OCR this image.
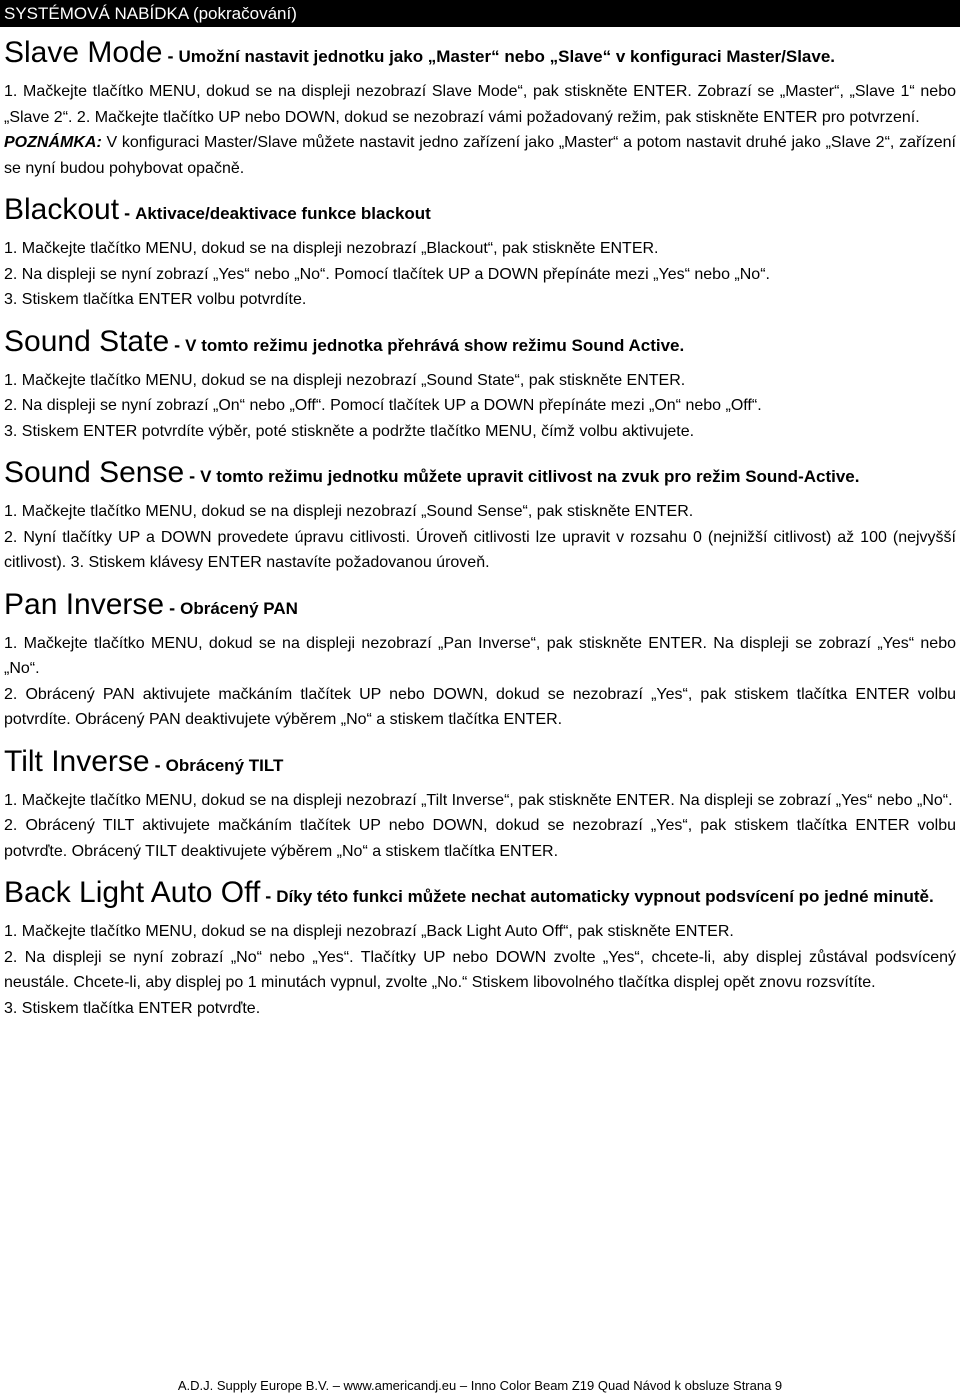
SYSTÉMOVÁ NABÍDKA (pokračování)
Slave Mode - Umožní nastavit jednotku jako „Master“ nebo „Slave“ v konfiguraci Master/Slave.

1. Mačkejte tlačítko MENU, dokud se na displeji nezobrazí Slave Mode“, pak stiskněte ENTER. Zobrazí se „Master“, „Slave 1“ nebo „Slave 2“. 2. Mačkejte tlačítko UP nebo DOWN, dokud se nezobrazí vámi požadovaný režim, pak stiskněte ENTER pro potvrzení.

POZNÁMKA: V konfiguraci Master/Slave můžete nastavit jedno zařízení jako „Master“ a potom nastavit druhé jako „Slave 2“, zařízení se nyní budou pohybovat opačně.

Blackout - Aktivace/deaktivace funkce blackout

1. Mačkejte tlačítko MENU, dokud se na displeji nezobrazí „Blackout“, pak stiskněte ENTER.

2. Na displeji se nyní zobrazí „Yes“ nebo „No“. Pomocí tlačítek UP a DOWN přepínáte mezi „Yes“ nebo „No“.

3. Stiskem tlačítka ENTER volbu potvrdíte.

Sound State - V tomto režimu jednotka přehrává show režimu Sound Active.

1. Mačkejte tlačítko MENU, dokud se na displeji nezobrazí „Sound State“, pak stiskněte ENTER.

2. Na displeji se nyní zobrazí „On“ nebo „Off“. Pomocí tlačítek UP a DOWN přepínáte mezi „On“ nebo „Off“.

3. Stiskem ENTER potvrdíte výběr, poté stiskněte a podržte tlačítko MENU, čímž volbu aktivujete.

Sound Sense - V tomto režimu jednotku můžete upravit citlivost na zvuk pro režim Sound-Active.

1. Mačkejte tlačítko MENU, dokud se na displeji nezobrazí „Sound Sense“, pak stiskněte ENTER.

2. Nyní tlačítky UP a DOWN provedete úpravu citlivosti. Úroveň citlivosti lze upravit v rozsahu 0 (nejnižší citlivost) až 100 (nejvyšší citlivost). 3. Stiskem klávesy ENTER nastavíte požadovanou úroveň.

Pan Inverse - Obrácený PAN

1. Mačkejte tlačítko MENU, dokud se na displeji nezobrazí „Pan Inverse“, pak stiskněte ENTER. Na displeji se zobrazí „Yes“ nebo „No“.

2. Obrácený PAN aktivujete mačkáním tlačítek UP nebo DOWN, dokud se nezobrazí „Yes“, pak stiskem tlačítka ENTER volbu potvrdíte. Obrácený PAN deaktivujete výběrem „No“ a stiskem tlačítka ENTER.

Tilt Inverse - Obrácený TILT

1. Mačkejte tlačítko MENU, dokud se na displeji nezobrazí „Tilt Inverse“, pak stiskněte ENTER. Na displeji se zobrazí „Yes“ nebo „No“.

2. Obrácený TILT aktivujete mačkáním tlačítek UP nebo DOWN, dokud se nezobrazí „Yes“, pak stiskem tlačítka ENTER volbu potvrďte. Obrácený TILT deaktivujete výběrem „No“ a stiskem tlačítka ENTER.

Back Light Auto Off - Díky této funkci můžete nechat automaticky vypnout podsvícení po jedné minutě.

1. Mačkejte tlačítko MENU, dokud se na displeji nezobrazí „Back Light Auto Off“, pak stiskněte ENTER.

2. Na displeji se nyní zobrazí „No“ nebo „Yes“. Tlačítky UP nebo DOWN zvolte „Yes“, chcete-li, aby displej zůstával podsvícený neustále. Chcete-li, aby displej po 1 minutách vypnul, zvolte „No.“ Stiskem libovolného tlačítka displej opět znovu rozsvítíte.

3. Stiskem tlačítka ENTER potvrďte.

A.D.J. Supply Europe B.V. – www.americandj.eu – Inno Color Beam Z19 Quad Návod k obsluze Strana 9
